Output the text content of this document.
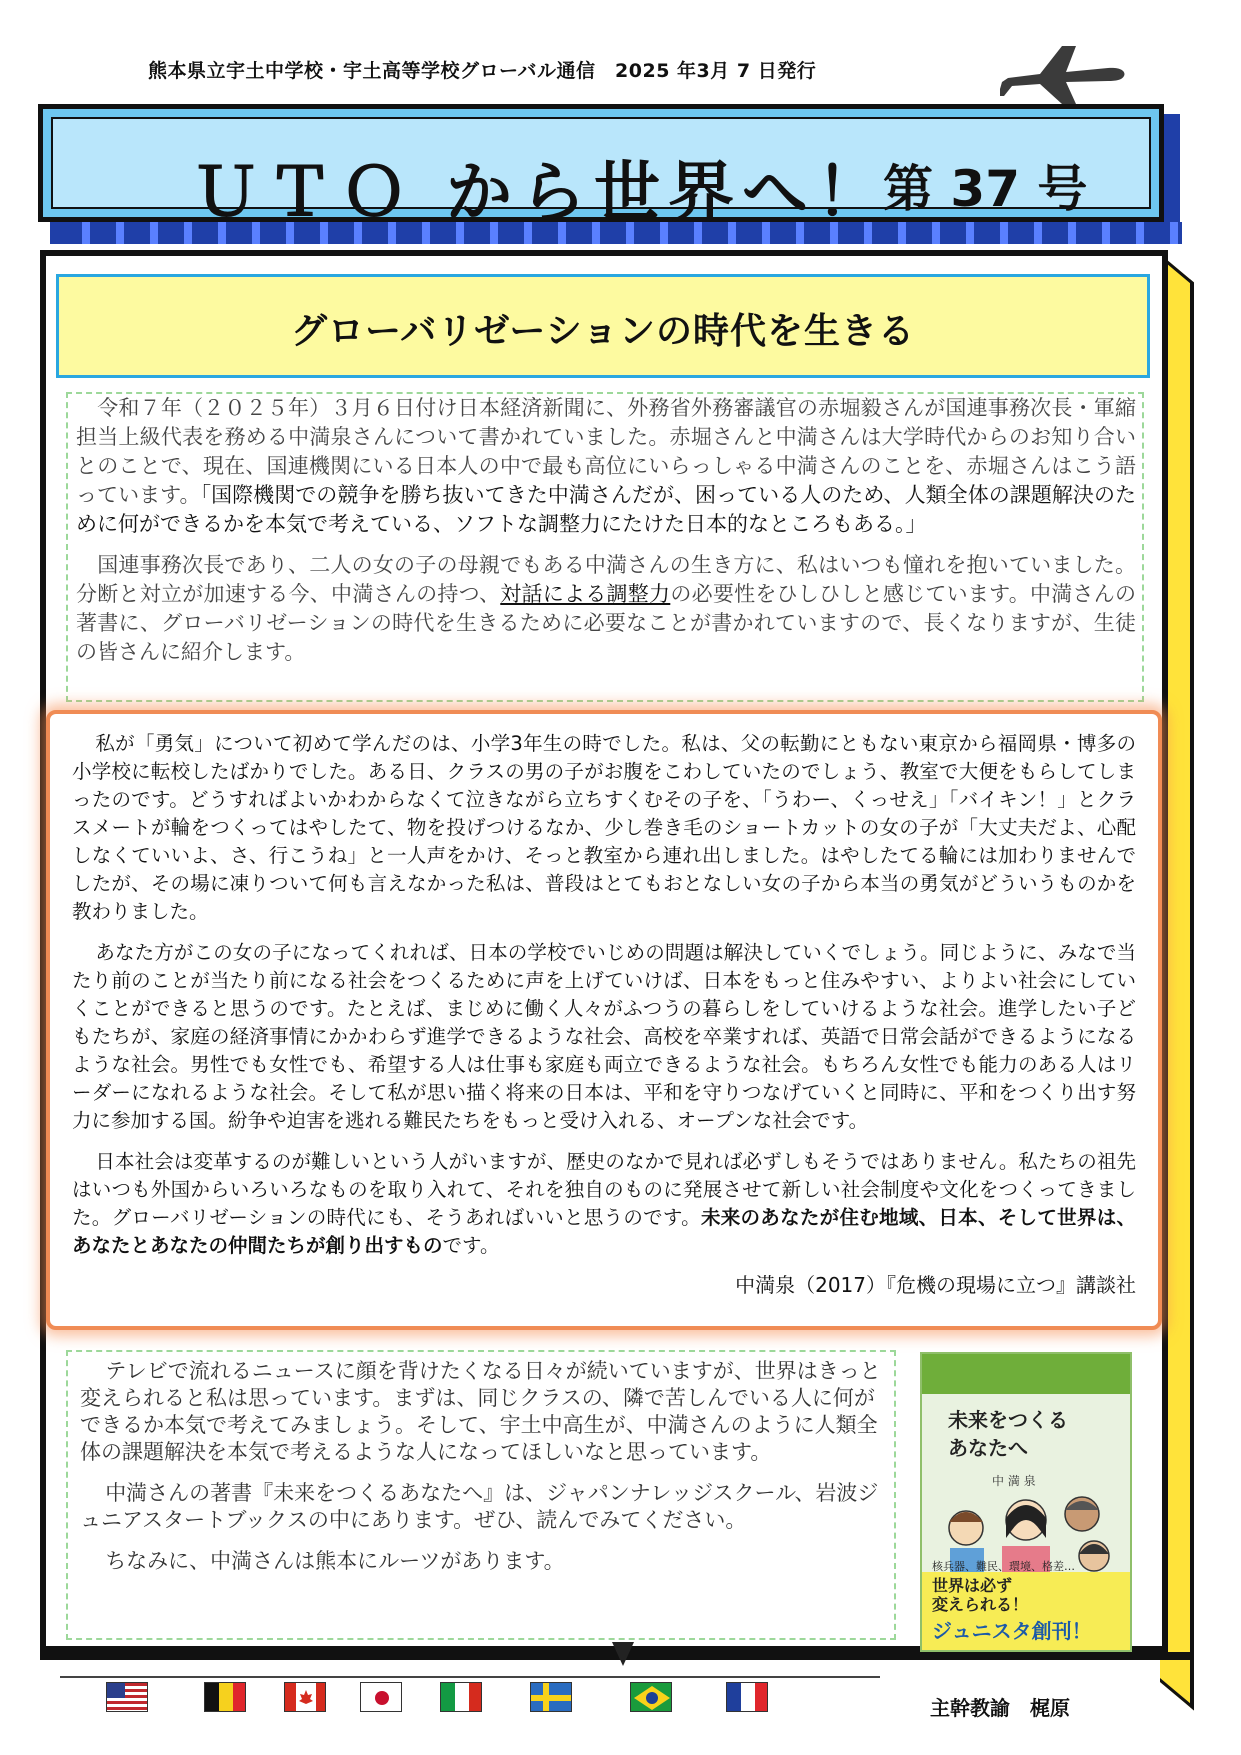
熊本県立宇土中学校・宇土高等学校グローバル通信　2025 年3月 7 日発行
ＵＴＯ から世界へ！
第 37 号
グローバリゼーションの時代を生きる

　令和７年（２０２５年）３月６日付け日本経済新聞に、外務省外務審議官の赤堀毅さんが国連事務次長・軍縮担当上級代表を務める中満泉さんについて書かれていました。赤堀さんと中満さんは大学時代からのお知り合いとのことで、現在、国連機関にいる日本人の中で最も高位にいらっしゃる中満さんのことを、赤堀さんはこう語っています。「国際機関での競争を勝ち抜いてきた中満さんだが、困っている人のため、人類全体の課題解決のために何ができるかを本気で考えている、ソフトな調整力にたけた日本的なところもある。」

　国連事務次長であり、二人の女の子の母親でもある中満さんの生き方に、私はいつも憧れを抱いていました。分断と対立が加速する今、中満さんの持つ、対話による調整力の必要性をひしひしと感じています。中満さんの著書に、グローバリゼーションの時代を生きるために必要なことが書かれていますので、長くなりますが、生徒の皆さんに紹介します。

私が「勇気」について初めて学んだのは、小学3年生の時でした。私は、父の転勤にともない東京から福岡県・博多の小学校に転校したばかりでした。ある日、クラスの男の子がお腹をこわしていたのでしょう、教室で大便をもらしてしまったのです。どうすればよいかわからなくて泣きながら立ちすくむその子を、「うわー、くっせえ」「バイキン！」とクラスメートが輪をつくってはやしたて、物を投げつけるなか、少し巻き毛のショートカットの女の子が「大丈夫だよ、心配しなくていいよ、さ、行こうね」と一人声をかけ、そっと教室から連れ出しました。はやしたてる輪には加わりませんでしたが、その場に凍りついて何も言えなかった私は、普段はとてもおとなしい女の子から本当の勇気がどういうものかを教わりました。

あなた方がこの女の子になってくれれば、日本の学校でいじめの問題は解決していくでしょう。同じように、みなで当たり前のことが当たり前になる社会をつくるために声を上げていけば、日本をもっと住みやすい、よりよい社会にしていくことができると思うのです。たとえば、まじめに働く人々がふつうの暮らしをしていけるような社会。進学したい子どもたちが、家庭の経済事情にかかわらず進学できるような社会、高校を卒業すれば、英語で日常会話ができるようになるような社会。男性でも女性でも、希望する人は仕事も家庭も両立できるような社会。もちろん女性でも能力のある人はリーダーになれるような社会。そして私が思い描く将来の日本は、平和を守りつなげていくと同時に、平和をつくり出す努力に参加する国。紛争や迫害を逃れる難民たちをもっと受け入れる、オープンな社会です。

日本社会は変革するのが難しいという人がいますが、歴史のなかで見れば必ずしもそうではありません。私たちの祖先はいつも外国からいろいろなものを取り入れて、それを独自のものに発展させて新しい社会制度や文化をつくってきました。グローバリゼーションの時代にも、そうあればいいと思うのです。未来のあなたが住む地域、日本、そして世界は、あなたとあなたの仲間たちが創り出すものです。

中満泉（2017）『危機の現場に立つ』講談社

テレビで流れるニュースに顔を背けたくなる日々が続いていますが、世界はきっと変えられると私は思っています。まずは、同じクラスの、隣で苦しんでいる人に何ができるか本気で考えてみましょう。そして、宇土中高生が、中満さんのように人類全体の課題解決を本気で考えるような人になってほしいなと思っています。

中満さんの著書『未来をつくるあなたへ』は、ジャパンナレッジスクール、岩波ジュニアスタートブックスの中にあります。ぜひ、読んでみてください。

ちなみに、中満さんは熊本にルーツがあります。

未来をつくる
あなたへ
中 満 泉
核兵器、難民、環境、格差…
世界は必ず
変えられる！
ジュニスタ創刊！
主幹教諭　梶原
